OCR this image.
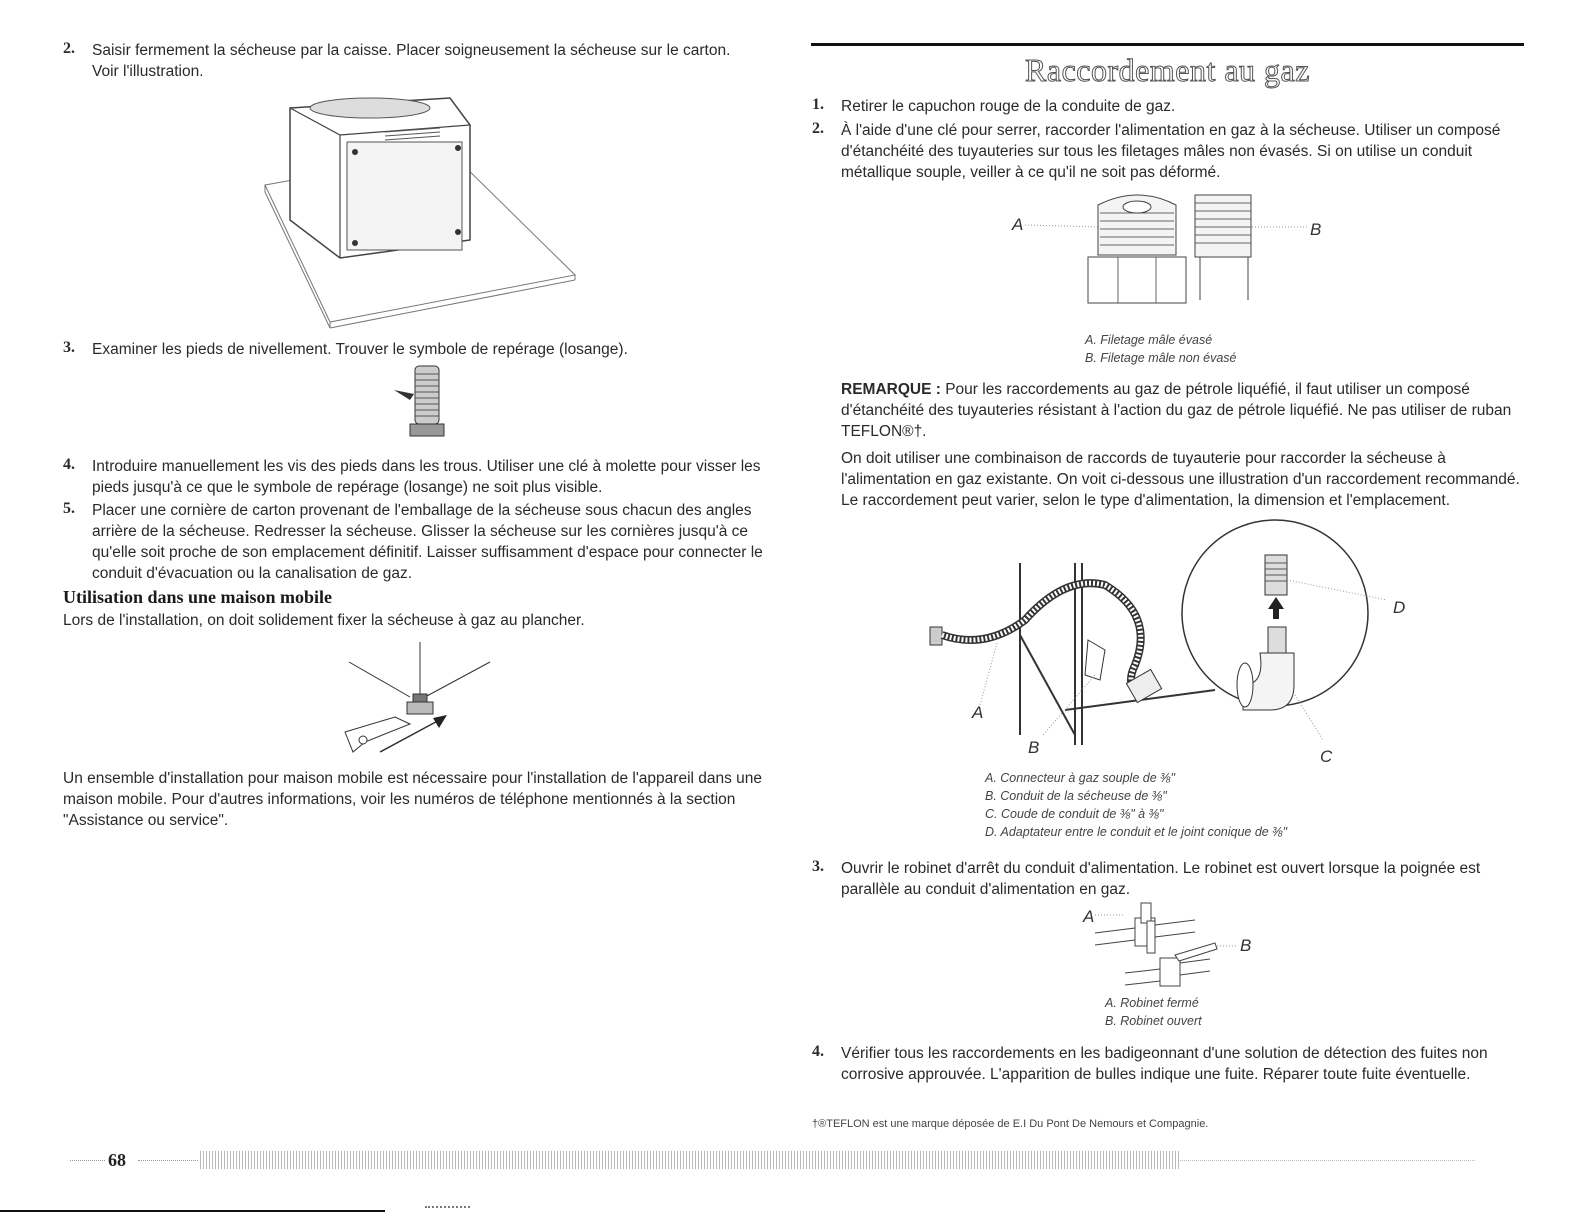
2. Saisir fermement la sécheuse par la caisse. Placer soigneusement la sécheuse sur le carton. Voir l'illustration.
3. Examiner les pieds de nivellement. Trouver le symbole de repérage (losange).
4. Introduire manuellement les vis des pieds dans les trous. Utiliser une clé à molette pour visser les pieds jusqu'à ce que le symbole de repérage (losange) ne soit plus visible.
5. Placer une cornière de carton provenant de l'emballage de la sécheuse sous chacun des angles arrière de la sécheuse. Redresser la sécheuse. Glisser la sécheuse sur les cornières jusqu'à ce qu'elle soit proche de son emplacement définitif. Laisser suffisamment d'espace pour connecter le conduit d'évacuation ou la canalisation de gaz.
Utilisation dans une maison mobile
Lors de l'installation, on doit solidement fixer la sécheuse à gaz au plancher.
Un ensemble d'installation pour maison mobile est nécessaire pour l'installation de l'appareil dans une maison mobile. Pour d'autres informations, voir les numéros de téléphone mentionnés à la section "Assistance ou service".
Raccordement au gaz
1. Retirer le capuchon rouge de la conduite de gaz.
2. À l'aide d'une clé pour serrer, raccorder l'alimentation en gaz à la sécheuse. Utiliser un composé d'étanchéité des tuyauteries sur tous les filetages mâles non évasés. Si on utilise un conduit métallique souple, veiller à ce qu'il ne soit pas déformé.
A	B
A. Filetage mâle évasé
B. Filetage mâle non évasé
REMARQUE : Pour les raccordements au gaz de pétrole liquéfié, il faut utiliser un composé d'étanchéité des tuyauteries résistant à l'action du gaz de pétrole liquéfié. Ne pas utiliser de ruban TEFLON®†.
On doit utiliser une combinaison de raccords de tuyauterie pour raccorder la sécheuse à l'alimentation en gaz existante. On voit ci-dessous une illustration d'un raccordement recommandé. Le raccordement peut varier, selon le type d'alimentation, la dimension et l'emplacement.
A
B	C
D
A. Connecteur à gaz souple de ⅜"
B. Conduit de la sécheuse de ⅜"
C. Coude de conduit de ⅜" à ⅜"
D. Adaptateur entre le conduit et le joint conique de ⅜"
3. Ouvrir le robinet d'arrêt du conduit d'alimentation. Le robinet est ouvert lorsque la poignée est parallèle au conduit d'alimentation en gaz.
A
B
A. Robinet fermé
B. Robinet ouvert
4. Vérifier tous les raccordements en les badigeonnant d'une solution de détection des fuites non corrosive approuvée. L'apparition de bulles indique une fuite. Réparer toute fuite éventuelle.
†®TEFLON est une marque déposée de E.I Du Pont De Nemours et Compagnie.
68
